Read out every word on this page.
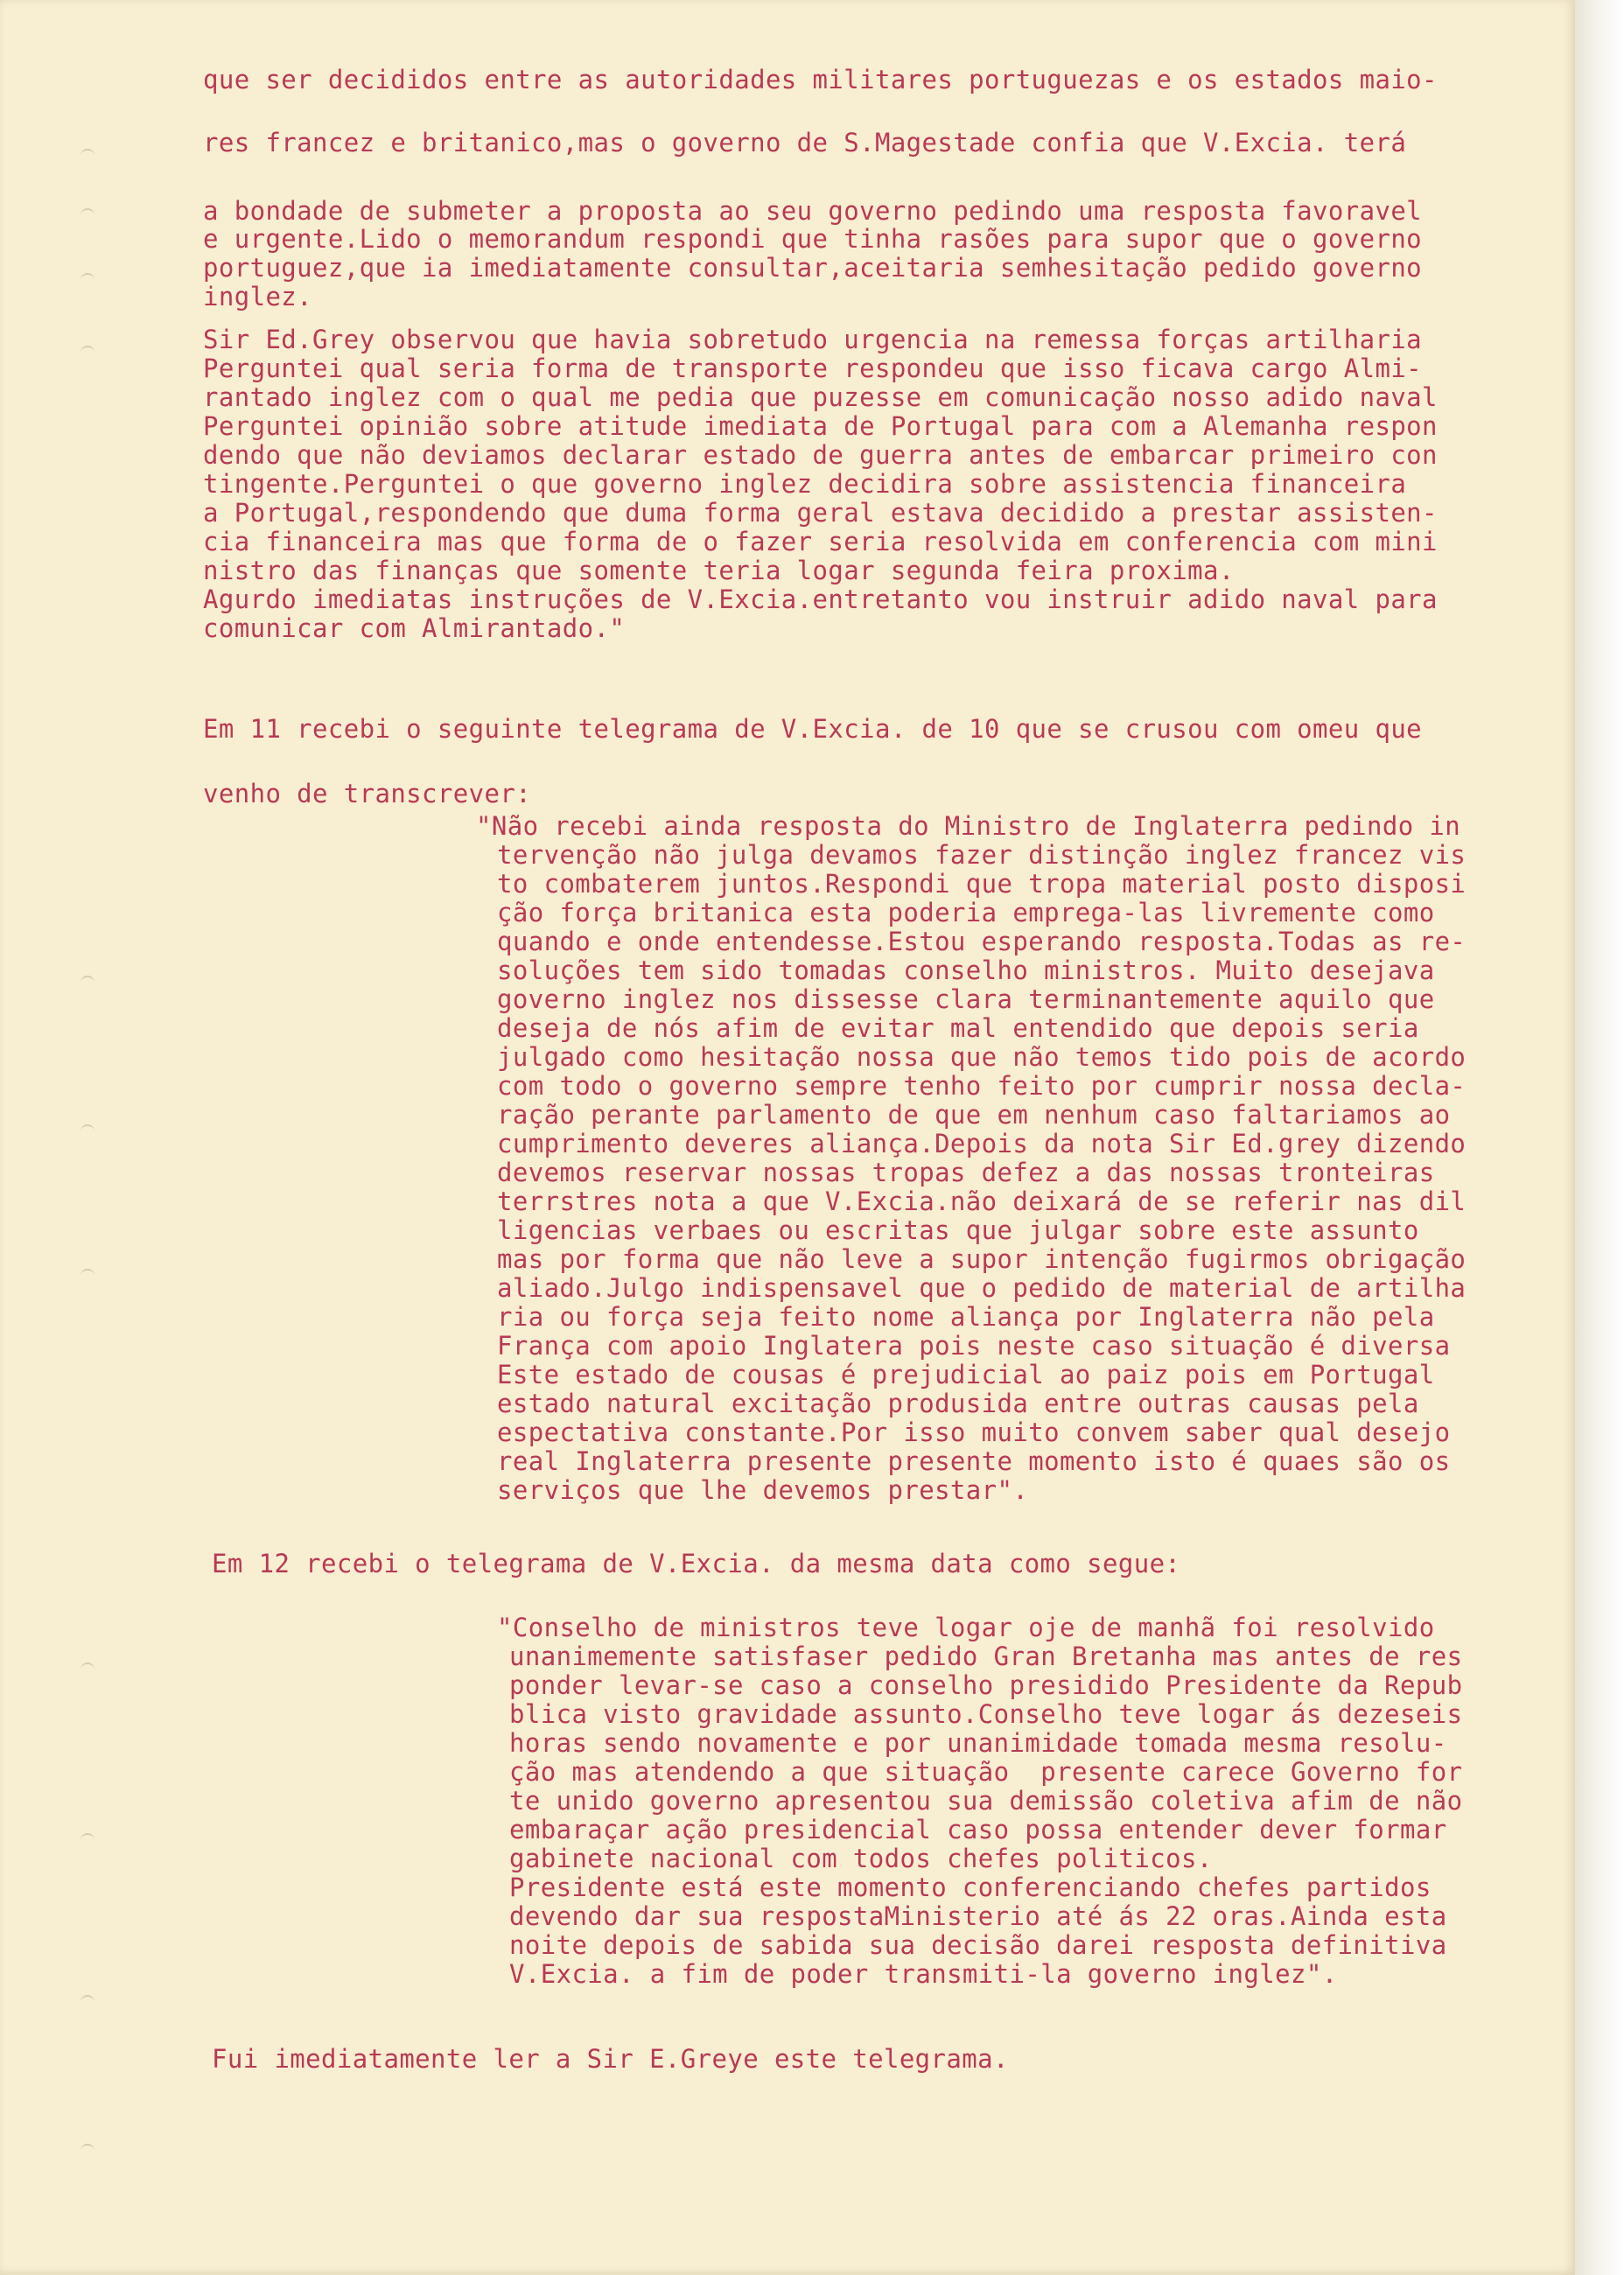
que ser decididos entre as autoridades militares portuguezas e os estados maio-
res francez e britanico,mas o governo de S.Magestade confia que V.Excia. terá
a bondade de submeter a proposta ao seu governo pedindo uma resposta favoravel
e urgente.Lido o memorandum respondi que tinha rasões para supor que o governo
portuguez,que ia imediatamente consultar,aceitaria semhesitação pedido governo
inglez.
Sir Ed.Grey observou que havia sobretudo urgencia na remessa forças artilharia
Perguntei qual seria forma de transporte respondeu que isso ficava cargo Almi-
rantado inglez com o qual me pedia que puzesse em comunicação nosso adido naval
Perguntei opinião sobre atitude imediata de Portugal para com a Alemanha respon
dendo que não deviamos declarar estado de guerra antes de embarcar primeiro con
tingente.Perguntei o que governo inglez decidira sobre assistencia financeira
a Portugal,respondendo que duma forma geral estava decidido a prestar assisten-
cia financeira mas que forma de o fazer seria resolvida em conferencia com mini
nistro das finanças que somente teria logar segunda feira proxima.
Agurdo imediatas instruções de V.Excia.entretanto vou instruir adido naval para
comunicar com Almirantado."
Em 11 recebi o seguinte telegrama de V.Excia. de 10 que se crusou com omeu que
venho de transcrever:
"Não recebi ainda resposta do Ministro de Inglaterra pedindo in
tervenção não julga devamos fazer distinção inglez francez vis
to combaterem juntos.Respondi que tropa material posto disposi
ção força britanica esta poderia emprega-las livremente como
quando e onde entendesse.Estou esperando resposta.Todas as re-
soluções tem sido tomadas conselho ministros. Muito desejava
governo inglez nos dissesse clara terminantemente aquilo que
deseja de nós afim de evitar mal entendido que depois seria
julgado como hesitação nossa que não temos tido pois de acordo
com todo o governo sempre tenho feito por cumprir nossa decla-
ração perante parlamento de que em nenhum caso faltariamos ao
cumprimento deveres aliança.Depois da nota Sir Ed.grey dizendo
devemos reservar nossas tropas defez a das nossas tronteiras
terrstres nota a que V.Excia.não deixará de se referir nas dil
ligencias verbaes ou escritas que julgar sobre este assunto
mas por forma que não leve a supor intenção fugirmos obrigação
aliado.Julgo indispensavel que o pedido de material de artilha
ria ou força seja feito nome aliança por Inglaterra não pela
França com apoio Inglatera pois neste caso situação é diversa
Este estado de cousas é prejudicial ao paiz pois em Portugal
estado natural excitação produsida entre outras causas pela
espectativa constante.Por isso muito convem saber qual desejo
real Inglaterra presente presente momento isto é quaes são os
serviços que lhe devemos prestar".
Em 12 recebi o telegrama de V.Excia. da mesma data como segue:
"Conselho de ministros teve logar oje de manhã foi resolvido
unanimemente satisfaser pedido Gran Bretanha mas antes de res
ponder levar-se caso a conselho presidido Presidente da Repub
blica visto gravidade assunto.Conselho teve logar ás dezeseis
horas sendo novamente e por unanimidade tomada mesma resolu-
ção mas atendendo a que situação  presente carece Governo for
te unido governo apresentou sua demissão coletiva afim de não
embaraçar ação presidencial caso possa entender dever formar
gabinete nacional com todos chefes politicos.
Presidente está este momento conferenciando chefes partidos
devendo dar sua respostaMinisterio até ás 22 oras.Ainda esta
noite depois de sabida sua decisão darei resposta definitiva
V.Excia. a fim de poder transmiti-la governo inglez".
Fui imediatamente ler a Sir E.Greye este telegrama.
